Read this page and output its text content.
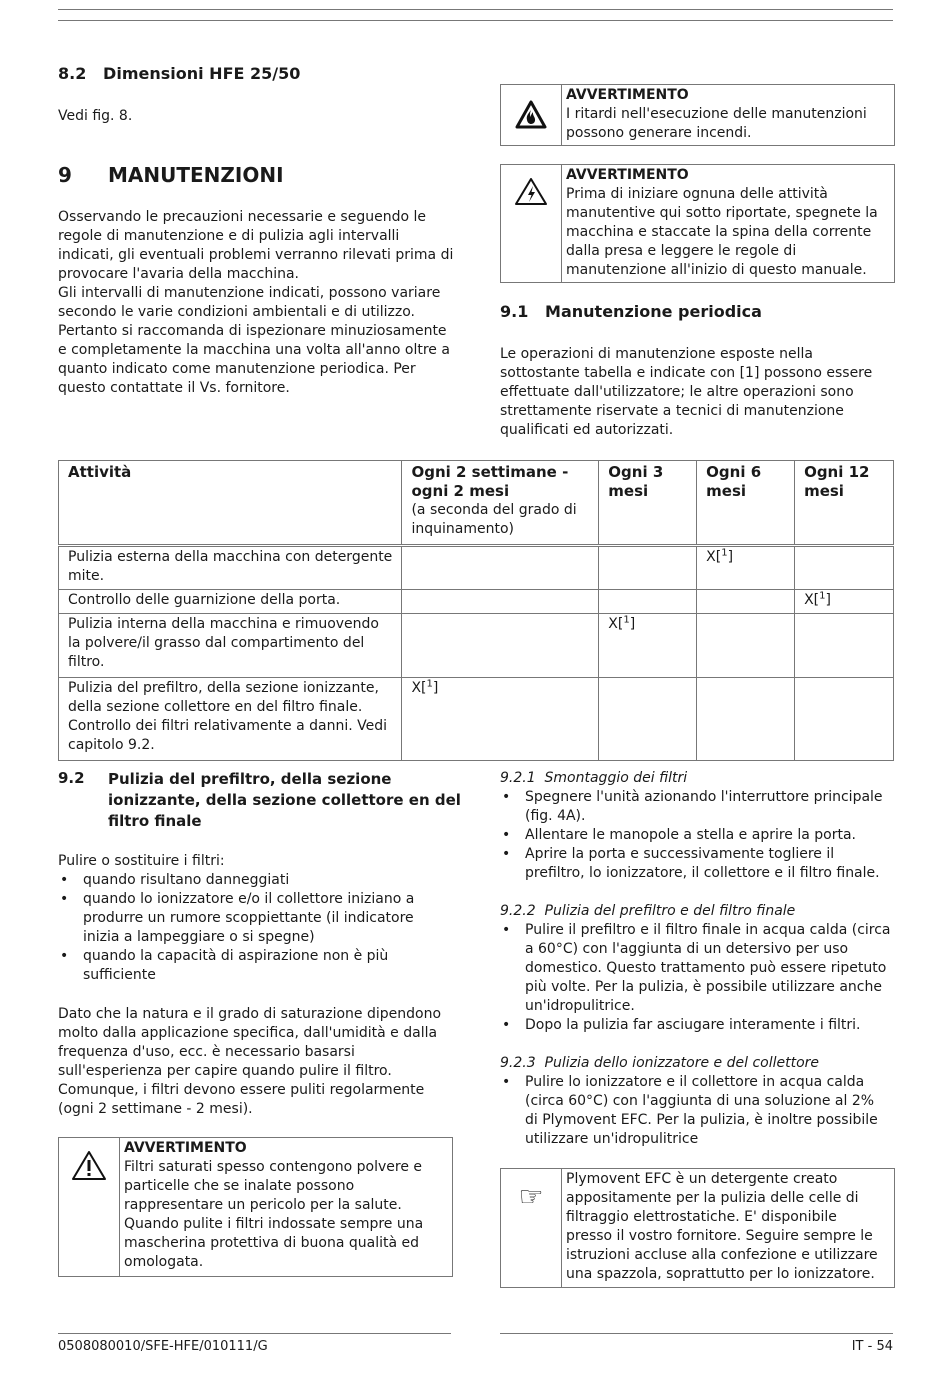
8.2   Dimensioni HFE 25/50
Vedi fig. 8.
9 MANUTENZIONI
Osservando le precauzioni necessarie e seguendo le
regole di manutenzione e di pulizia agli intervalli
indicati, gli eventuali problemi verranno rilevati prima di
provocare l'avaria della macchina.
Gli intervalli di manutenzione indicati, possono variare
secondo le varie condizioni ambientali e di utilizzo.
Pertanto si raccomanda di ispezionare minuziosamente
e completamente la macchina una volta all'anno oltre a
quanto indicato come manutenzione periodica. Per
questo contattate il Vs. fornitore.
AVVERTIMENTO
I ritardi nell'esecuzione delle manutenzioni
possono generare incendi.
AVVERTIMENTO
Prima di iniziare ognuna delle attività
manutentive qui sotto riportate, spegnete la
macchina e staccate la spina della corrente
dalla presa e leggere le regole di
manutenzione all'inizio di questo manuale.
9.1   Manutenzione periodica
Le operazioni di manutenzione esposte nella
sottostante tabella e indicate con [1] possono essere
effettuate dall'utilizzatore; le altre operazioni sono
strettamente riservate a tecnici di manutenzione
qualificati ed autorizzati.
Attività	Ogni 2 settimane -
ogni 2 mesi
(a seconda del grado di
inquinamento)	Ogni 3
mesi	Ogni 6
mesi	Ogni 12
mesi
Pulizia esterna della macchina con detergente
mite.			X[$^1$]	
Controllo delle guarnizione della porta.				X[$^1$]
Pulizia interna della macchina e rimuovendo
la polvere/il grasso dal compartimento del
filtro.		X[$^1$]		
Pulizia del prefiltro, della sezione ionizzante,
della sezione collettore en del filtro finale.
Controllo dei filtri relativamente a danni. Vedi
capitolo 9.2.	X[$^1$]			
9.2 Pulizia del prefiltro, della sezione
ionizzante, della sezione collettore en del
filtro finale
Pulire o sostituire i filtri:
• quando risultano danneggiati
• quando lo ionizzatore e/o il collettore iniziano a
produrre un rumore scoppiettante (il indicatore
inizia a lampeggiare o si spegne)
• quando la capacità di aspirazione non è più
sufficiente
Dato che la natura e il grado di saturazione dipendono
molto dalla applicazione specifica, dall'umidità e dalla
frequenza d'uso, ecc. è necessario basarsi
sull'esperienza per capire quando pulire il filtro.
Comunque, i filtri devono essere puliti regolarmente
(ogni 2 settimane - 2 mesi).
AVVERTIMENTO
Filtri saturati spesso contengono polvere e
particelle che se inalate possono
rappresentare un pericolo per la salute.
Quando pulite i filtri indossate sempre una
mascherina protettiva di buona qualità ed
omologata.
9.2.1  Smontaggio dei filtri
• Spegnere l'unità azionando l'interruttore principale
(fig. 4A).
• Allentare le manopole a stella e aprire la porta.
• Aprire la porta e successivamente togliere il
prefiltro, lo ionizzatore, il collettore e il filtro finale.
9.2.2  Pulizia del prefiltro e del filtro finale
• Pulire il prefiltro e il filtro finale in acqua calda (circa
a 60°C) con l'aggiunta di un detersivo per uso
domestico. Questo trattamento può essere ripetuto
più volte. Per la pulizia, è possibile utilizzare anche
un'idropulitrice.
• Dopo la pulizia far asciugare interamente i filtri.
9.2.3  Pulizia dello ionizzatore e del collettore
• Pulire lo ionizzatore e il collettore in acqua calda
(circa 60°C) con l'aggiunta di una soluzione al 2%
di Plymovent EFC. Per la pulizia, è inoltre possibile
utilizzare un'idropulitrice
☞
Plymovent EFC è un detergente creato
appositamente per la pulizia delle celle di
filtraggio elettrostatiche. E' disponibile
presso il vostro fornitore. Seguire sempre le
istruzioni accluse alla confezione e utilizzare
una spazzola, soprattutto per lo ionizzatore.
0508080010/SFE-HFE/010111/G	IT - 54
